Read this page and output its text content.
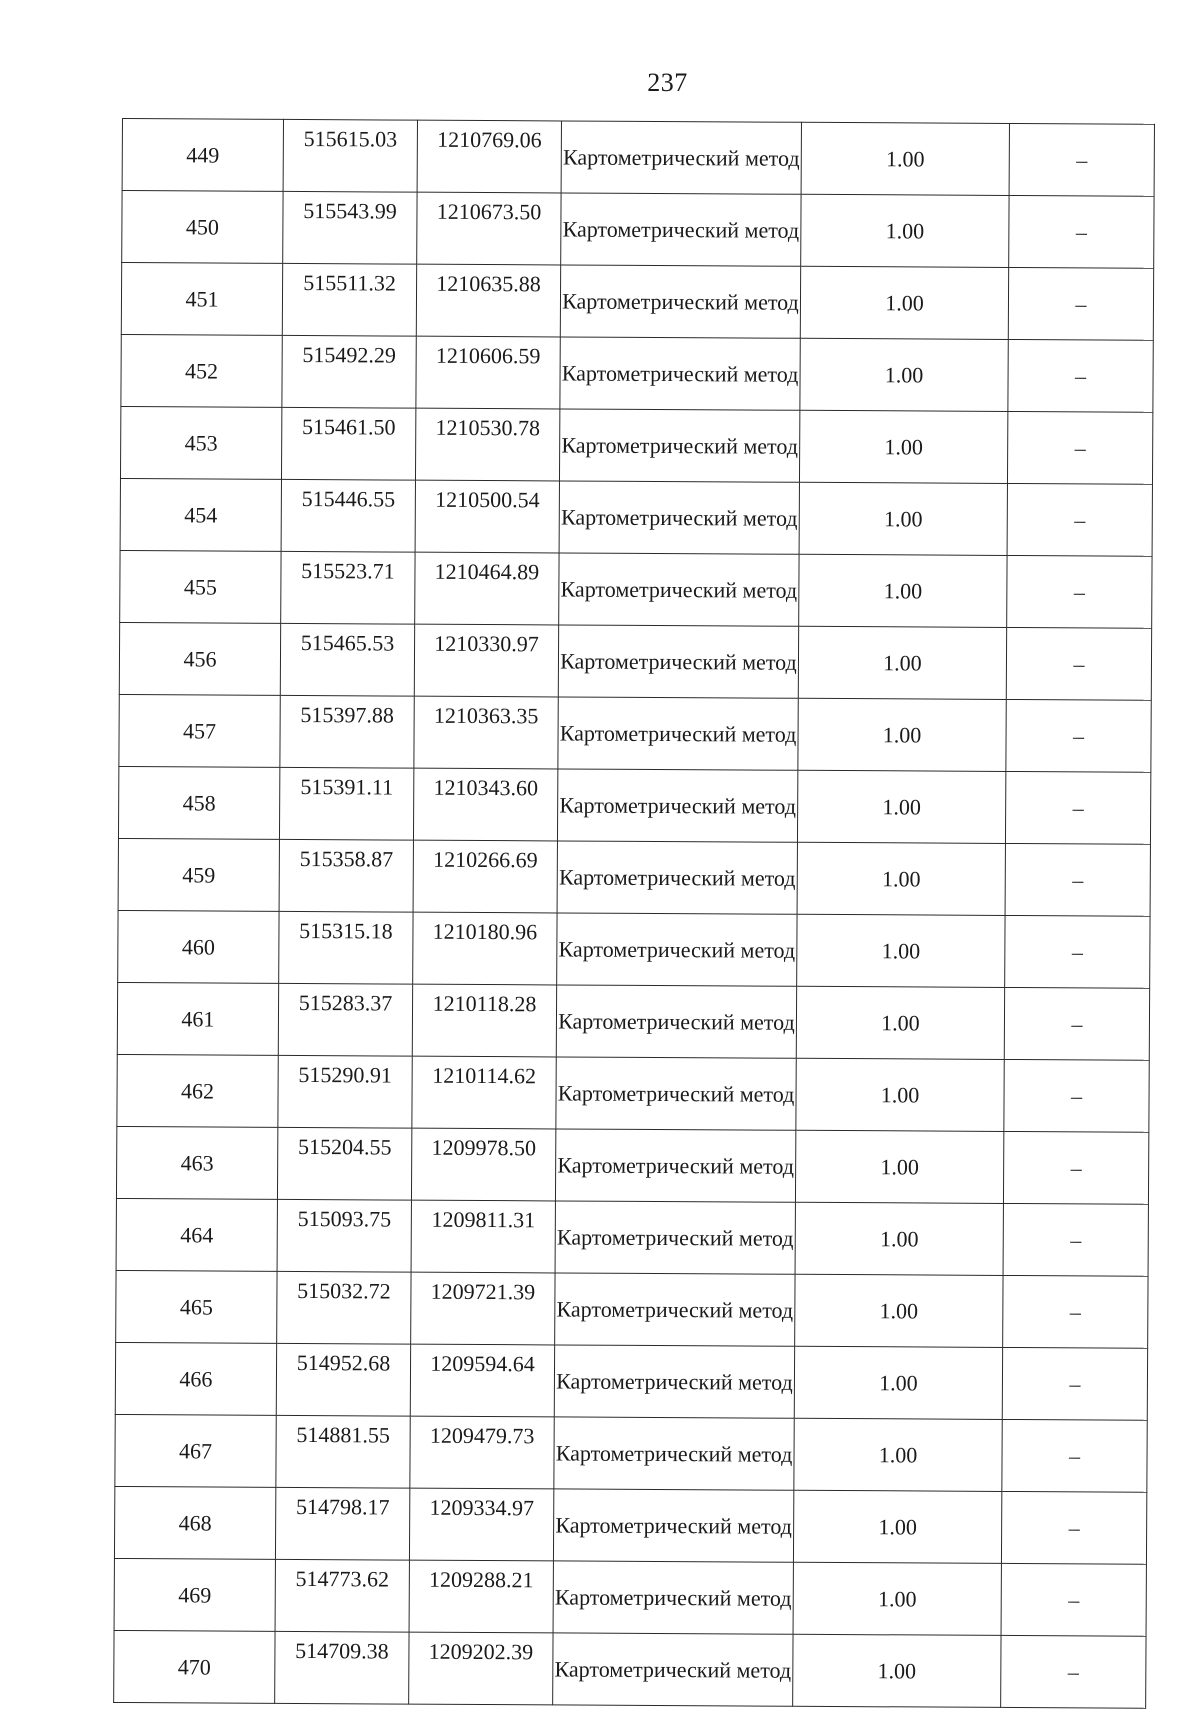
237
449	515615.03	1210769.06	Картометрический метод	1.00	–
450	515543.99	1210673.50	Картометрический метод	1.00	–
451	515511.32	1210635.88	Картометрический метод	1.00	–
452	515492.29	1210606.59	Картометрический метод	1.00	–
453	515461.50	1210530.78	Картометрический метод	1.00	–
454	515446.55	1210500.54	Картометрический метод	1.00	–
455	515523.71	1210464.89	Картометрический метод	1.00	–
456	515465.53	1210330.97	Картометрический метод	1.00	–
457	515397.88	1210363.35	Картометрический метод	1.00	–
458	515391.11	1210343.60	Картометрический метод	1.00	–
459	515358.87	1210266.69	Картометрический метод	1.00	–
460	515315.18	1210180.96	Картометрический метод	1.00	–
461	515283.37	1210118.28	Картометрический метод	1.00	–
462	515290.91	1210114.62	Картометрический метод	1.00	–
463	515204.55	1209978.50	Картометрический метод	1.00	–
464	515093.75	1209811.31	Картометрический метод	1.00	–
465	515032.72	1209721.39	Картометрический метод	1.00	–
466	514952.68	1209594.64	Картометрический метод	1.00	–
467	514881.55	1209479.73	Картометрический метод	1.00	–
468	514798.17	1209334.97	Картометрический метод	1.00	–
469	514773.62	1209288.21	Картометрический метод	1.00	–
470	514709.38	1209202.39	Картометрический метод	1.00	–
